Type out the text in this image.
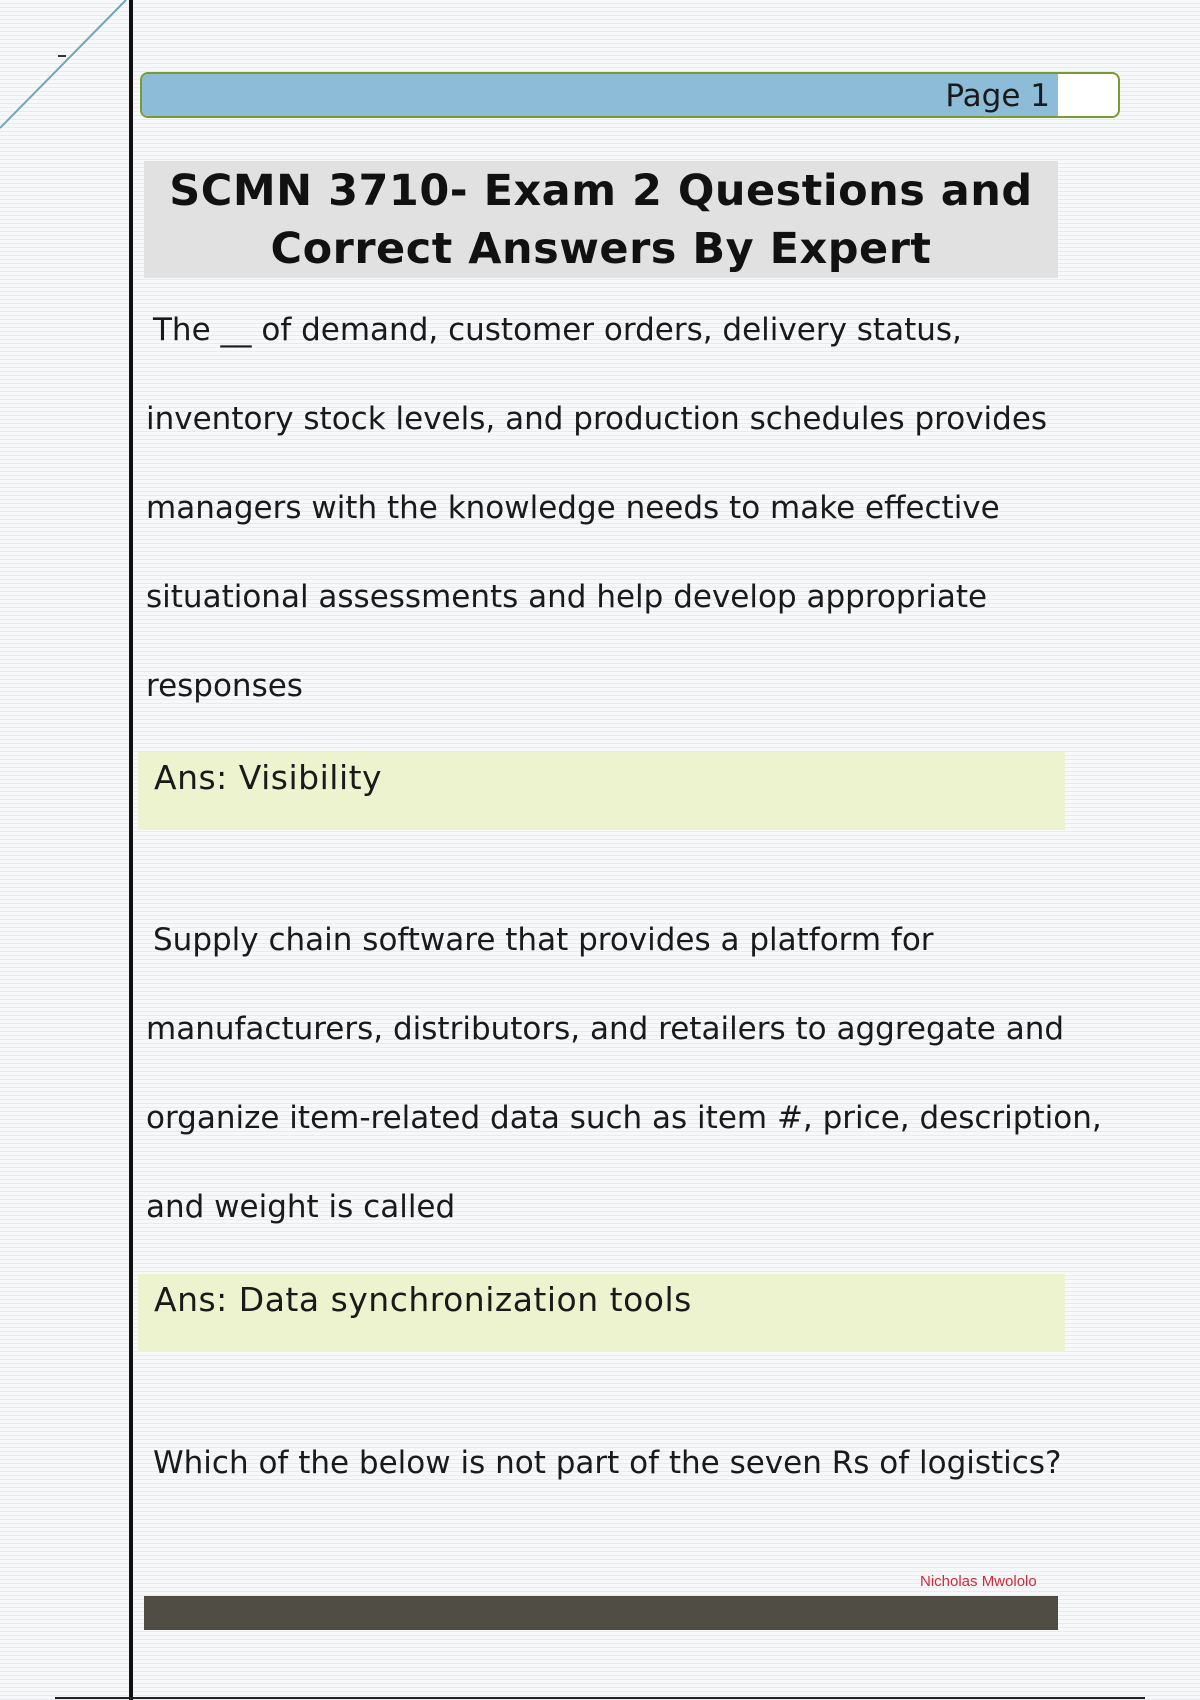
Page 1
SCMN 3710- Exam 2 Questions and
Correct Answers By Expert
The __ of demand, customer orders, delivery status,
inventory stock levels, and production schedules provides
managers with the knowledge needs to make effective
situational assessments and help develop appropriate
responses
Ans: Visibility
Supply chain software that provides a platform for
manufacturers, distributors, and retailers to aggregate and
organize item-related data such as item #, price, description,
and weight is called
Ans: Data synchronization tools
Which of the below is not part of the seven Rs of logistics?
Nicholas Mwololo
